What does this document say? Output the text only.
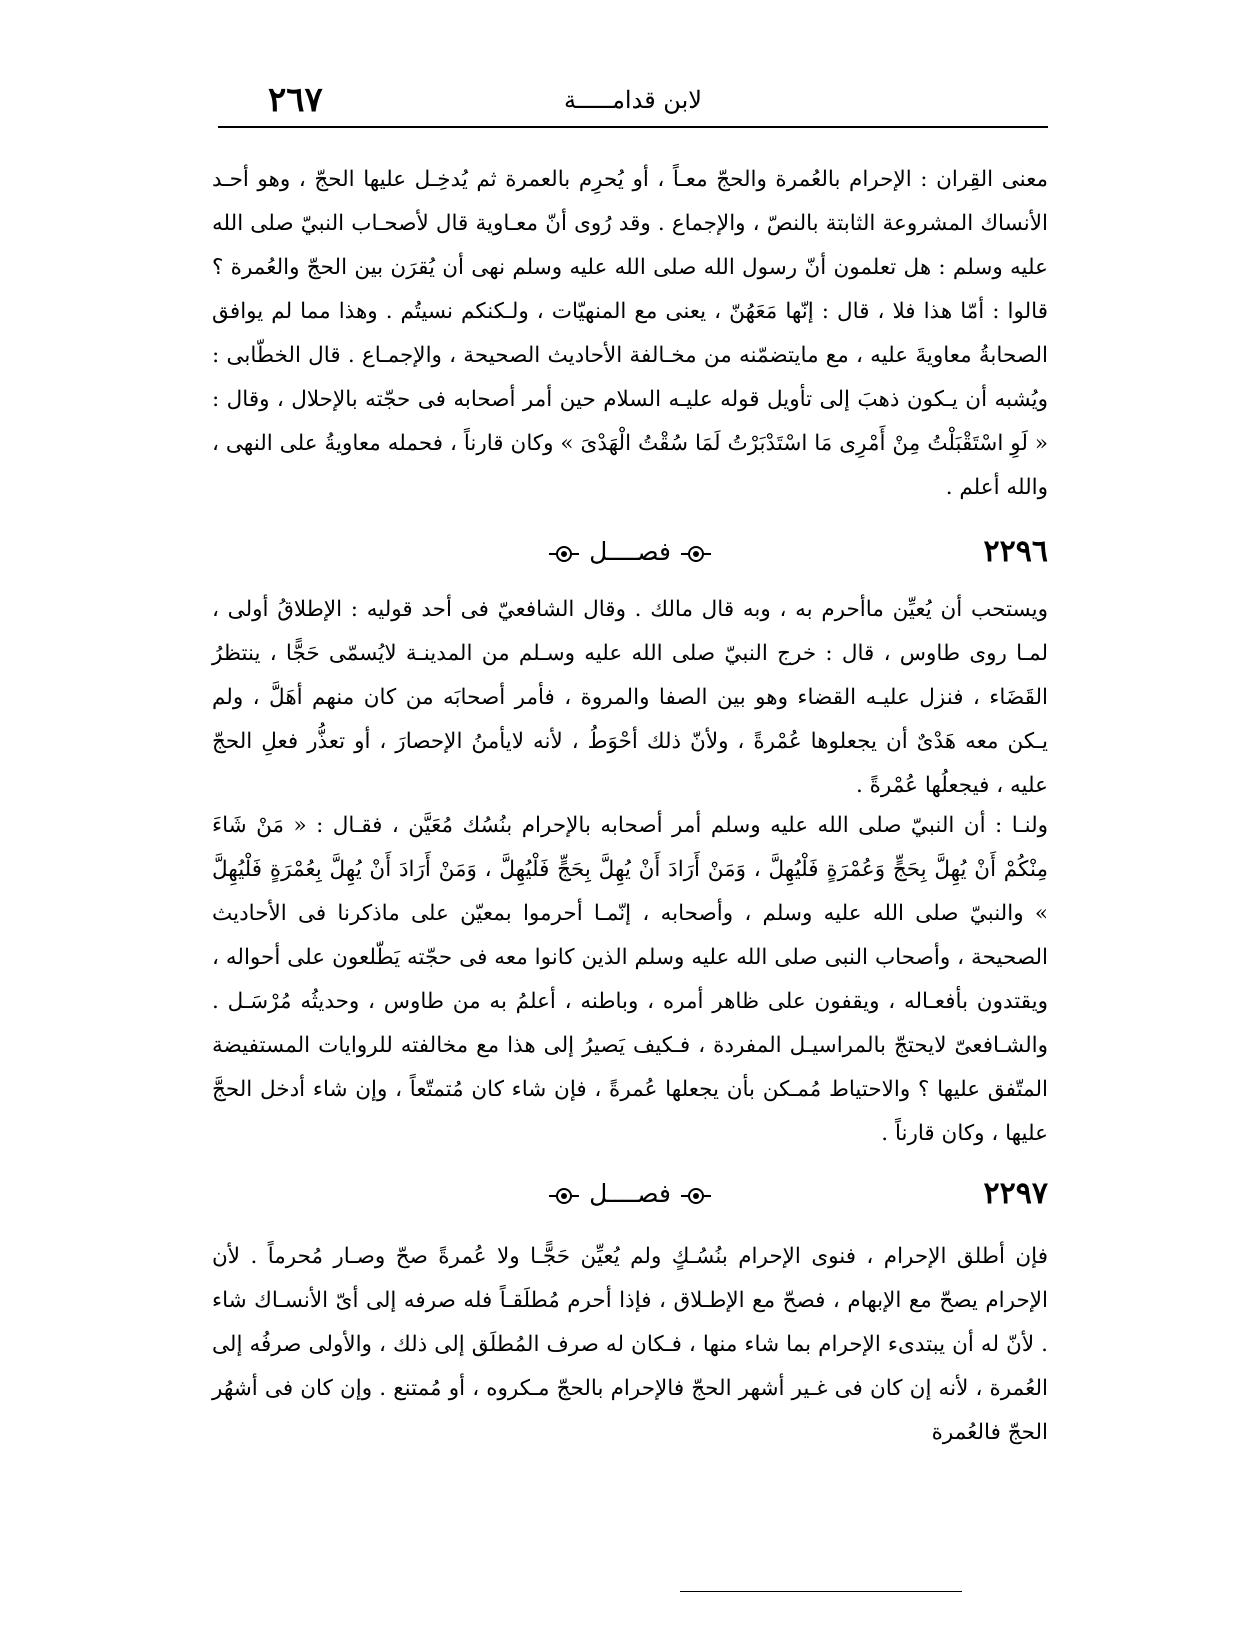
٢٦٧	لابن قدامـــــة

معنى القِران : الإحرام بالعُمرة والحجّ معـاً ، أو يُحرِم بالعمرة ثم يُدخِـل عليها الحجّ ، وهو أحـد الأنساك المشروعة الثابتة بالنصّ ، والإجماع . وقد رُوى أنّ معـاوية قال لأصحـاب النبيّ صلى الله عليه وسلم : هل تعلمون أنّ رسول الله صلى الله عليه وسلم نهى أن يُقرَن بين الحجّ والعُمرة ؟ قالوا : أمّا هذا فلا ، قال : إنّها مَعَهُنّ ، يعنى مع المنهيّات ، ولـكنكم نسيتُم . وهذا مما لم يوافق الصحابةُ معاويةَ عليه ، مع مايتضمّنه من مخـالفة الأحاديث الصحيحة ، والإجمـاع . قال الخطّابى : ويُشبه أن يـكون ذهبَ إلى تأويل قوله عليـه السلام حين أمر أصحابه فى حجّته بالإحلال ، وقال : « لَوِ اسْتَقْبَلْتُ مِنْ أَمْرِى مَا اسْتَدْبَرْتُ لَمَا سُقْتُ الْهَدْىَ » وكان قارناً ، فحمله معاويةُ على النهى ، والله أعلم .

٢٢٩٦
فصــــل

ويستحب أن يُعيِّن ماأحرم به ، وبه قال مالك . وقال الشافعيّ فى أحد قوليه : الإطلاقُ أولى ، لمـا روى طاوس ، قال : خرج النبيّ صلى الله عليه وسـلم من المدينـة لايُسمّى حَجًّا ، ينتظرُ القَضَاء ، فنزل عليـه القضاء وهو بين الصفا والمروة ، فأمر أصحابَه من كان منهم أهَلَّ ، ولم يـكن معه هَدْىٌ أن يجعلوها عُمْرةً ، ولأنّ ذلك أحْوَطُ ، لأنه لايأمنُ الإحصارَ ، أو تعذُّر فعلِ الحجّ عليه ، فيجعلُها عُمْرةً .

ولنـا : أن النبيّ صلى الله عليه وسلم أمر أصحابه بالإحرام بنُسُك مُعَيَّن ، فقـال : « مَنْ شَاءَ مِنْكُمْ أَنْ يُهِلَّ بِحَجٍّ وَعُمْرَةٍ فَلْيُهِلَّ ، وَمَنْ أَرَادَ أَنْ يُهِلَّ بِحَجٍّ فَلْيُهِلَّ ، وَمَنْ أَرَادَ أَنْ يُهِلَّ بِعُمْرَةٍ فَلْيُهِلَّ » والنبيّ صلى الله عليه وسلم ، وأصحابه ، إنّمـا أحرموا بمعيّن على ماذكرنا فى الأحاديث الصحيحة ، وأصحاب النبى صلى الله عليه وسلم الذين كانوا معه فى حجّته يَطّلعون على أحواله ، ويقتدون بأفعـاله ، ويقفون على ظاهر أمره ، وباطنه ، أعلمُ به من طاوس ، وحديثُه مُرْسَـل . والشـافعىّ لايحتجّ بالمراسيـل المفردة ، فـكيف يَصيرُ إلى هذا مع مخالفته للروايات المستفيضة المتّفق عليها ؟ والاحتياط مُمـكن بأن يجعلها عُمرةً ، فإن شاء كان مُتمتّعاً ، وإن شاء أدخل الحجَّ عليها ، وكان قارناً .

٢٢٩٧
فصــــل

فإن أطلق الإحرام ، فنوى الإحرام بنُسُـكٍ ولم يُعيِّن حَجًّـا ولا عُمرةً صحّ وصـار مُحرماً . لأن الإحرام يصحّ مع الإبهام ، فصحّ مع الإطـلاق ، فإذا أحرم مُطلَقـاً فله صرفه إلى أىّ الأنسـاك شاء . لأنّ له أن يبتدىء الإحرام بما شاء منها ، فـكان له صرف المُطلَق إلى ذلك ، والأولى صرفُه إلى العُمرة ، لأنه إن كان فى غـير أشهر الحجّ فالإحرام بالحجّ مـكروه ، أو مُمتنع . وإن كان فى أشهُر الحجّ فالعُمرة
